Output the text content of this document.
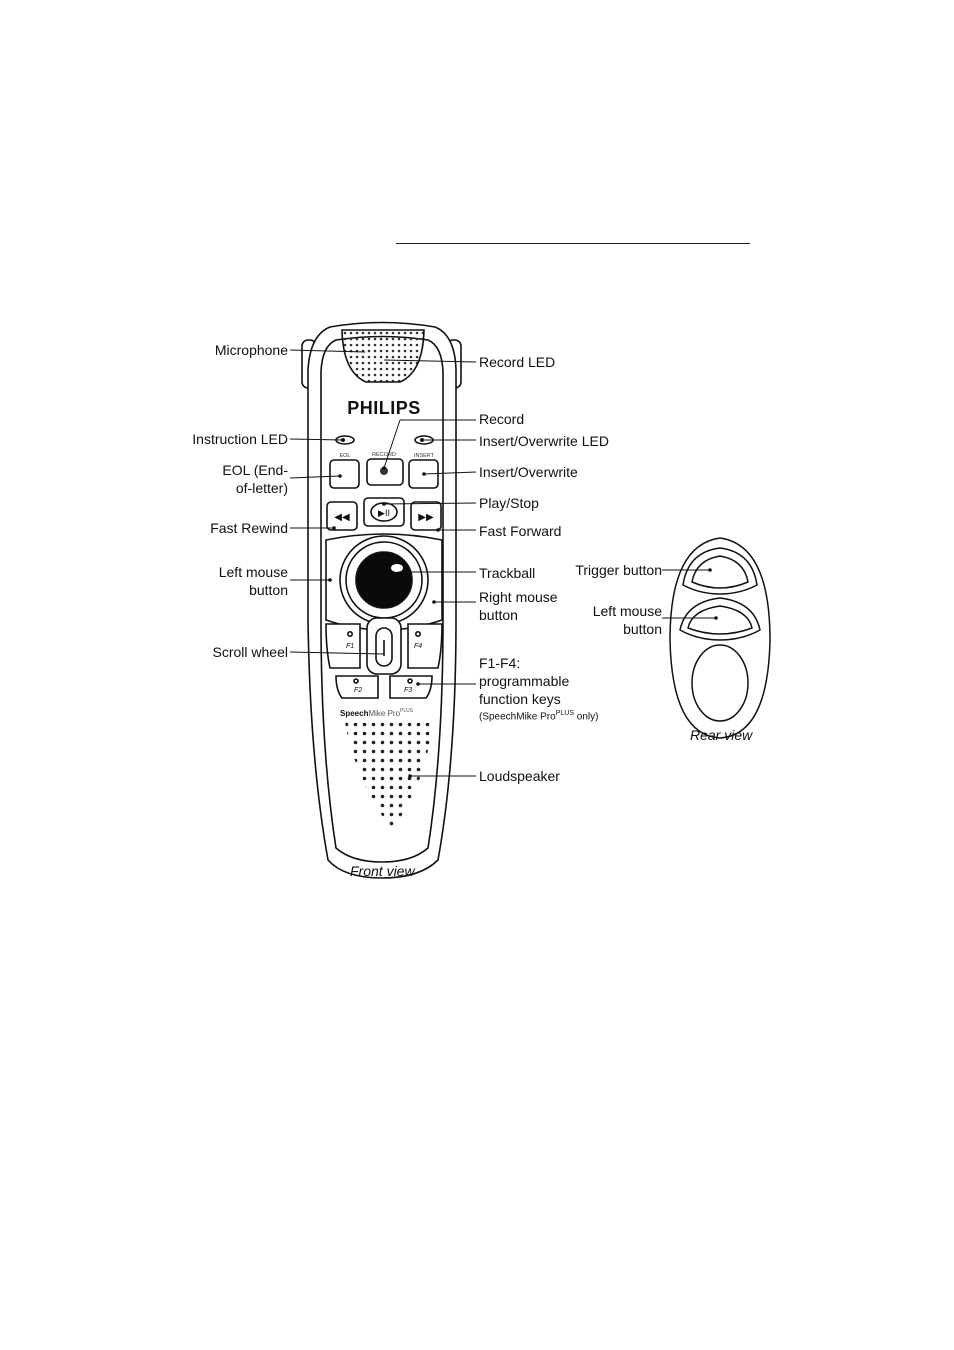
PHILIPS
EOL	RECORD	INSERT
◀◀	▶II	▶▶
F1	F4
F2	F3
SpeechMike Pro$^{PLUS}$
Microphone
Instruction LED
EOL (End-
of-letter)
Fast Rewind
Left mouse
button
Scroll wheel
Record LED
Record
Insert/Overwrite LED
Insert/Overwrite
Play/Stop
Fast Forward
Trackball
Right mouse
button
F1-F4:
programmable
function keys
(SpeechMike Pro$^{PLUS}$ only)
Loudspeaker
Trigger button
Left mouse
button
Front view
Rear view
